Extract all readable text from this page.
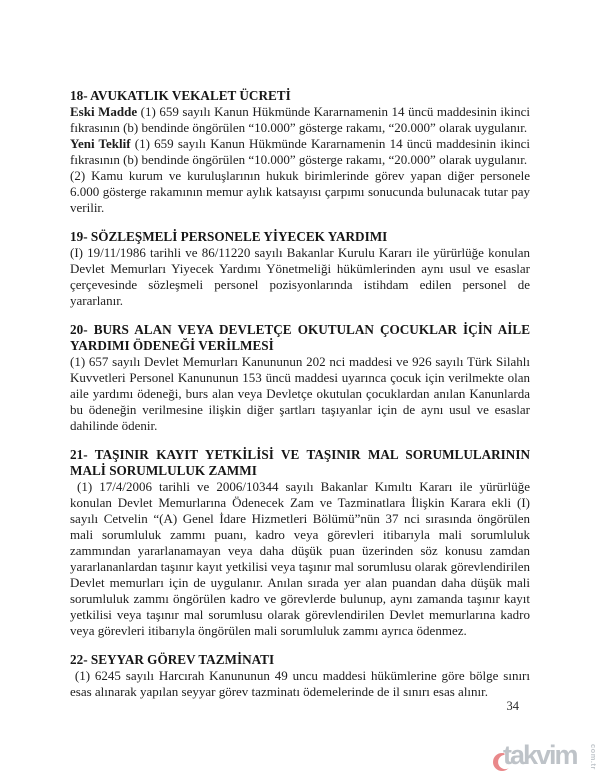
18- AVUKATLIK VEKALET ÜCRETİ

Eski Madde (1) 659 sayılı Kanun Hükmünde Kararnamenin 14 üncü maddesinin ikinci fıkrasının (b) bendinde öngörülen “10.000” gösterge rakamı, “20.000” olarak uygulanır.

Yeni Teklif (1) 659 sayılı Kanun Hükmünde Kararnamenin 14 üncü maddesinin ikinci fıkrasının (b) bendinde öngörülen “10.000” gösterge rakamı, “20.000” olarak uygulanır.

(2) Kamu kurum ve kuruluşlarının hukuk birimlerinde görev yapan diğer personele 6.000 gösterge rakamının memur aylık katsayısı çarpımı sonucunda bulunacak tutar pay verilir.

19- SÖZLEŞMELİ PERSONELE YİYECEK YARDIMI

(I) 19/11/1986 tarihli ve 86/11220 sayılı Bakanlar Kurulu Kararı ile yürürlüğe konulan Devlet Memurları Yiyecek Yardımı Yönetmeliği hükümlerinden aynı usul ve esaslar çerçevesinde sözleşmeli personel pozisyonlarında istihdam edilen personel de yararlanır.

20- BURS ALAN VEYA DEVLETÇE OKUTULAN ÇOCUKLAR İÇİN AİLE YARDIMI ÖDENEĞİ VERİLMESİ

(1) 657 sayılı Devlet Memurları Kanununun 202 nci maddesi ve 926 sayılı Türk Silahlı Kuvvetleri Personel Kanununun 153 üncü maddesi uyarınca çocuk için verilmekte olan aile yardımı ödeneği, burs alan veya Devletçe okutulan çocuklardan anılan Kanunlarda bu ödeneğin verilmesine ilişkin diğer şartları taşıyanlar için de aynı usul ve esaslar dahilinde ödenir.

21- TAŞINIR KAYIT YETKİLİSİ VE TAŞINIR MAL SORUMLULARININ MALİ SORUMLULUK ZAMMI

(1) 17/4/2006 tarihli ve 2006/10344 sayılı Bakanlar Kımıltı Kararı ile yürürlüğe konulan Devlet Memurlarına Ödenecek Zam ve Tazminatlara İlişkin Karara ekli (I) sayılı Cetvelin “(A) Genel İdare Hizmetleri Bölümü”nün 37 nci sırasında öngörülen mali sorumluluk zammı puanı, kadro veya görevleri itibarıyla mali sorumluluk zammından yararlanamayan veya daha düşük puan üzerinden söz konusu zamdan yararlananlardan taşınır kayıt yetkilisi veya taşınır mal sorumlusu olarak görevlendirilen Devlet memurları için de uygulanır. Anılan sırada yer alan puandan daha düşük mali sorumluluk zammı öngörülen kadro ve görevlerde bulunup, aynı zamanda taşınır kayıt yetkilisi veya taşınır mal sorumlusu olarak görevlendirilen Devlet memurlarına kadro veya görevleri itibarıyla öngörülen mali sorumluluk zammı ayrıca ödenmez.

22- SEYYAR GÖREV TAZMİNATI

(1) 6245 sayılı Harcırah Kanununun 49 uncu maddesi hükümlerine göre bölge sınırı esas alınarak yapılan seyyar görev tazminatı ödemelerinde de il sınırı esas alınır.

34
takvim com.tr
